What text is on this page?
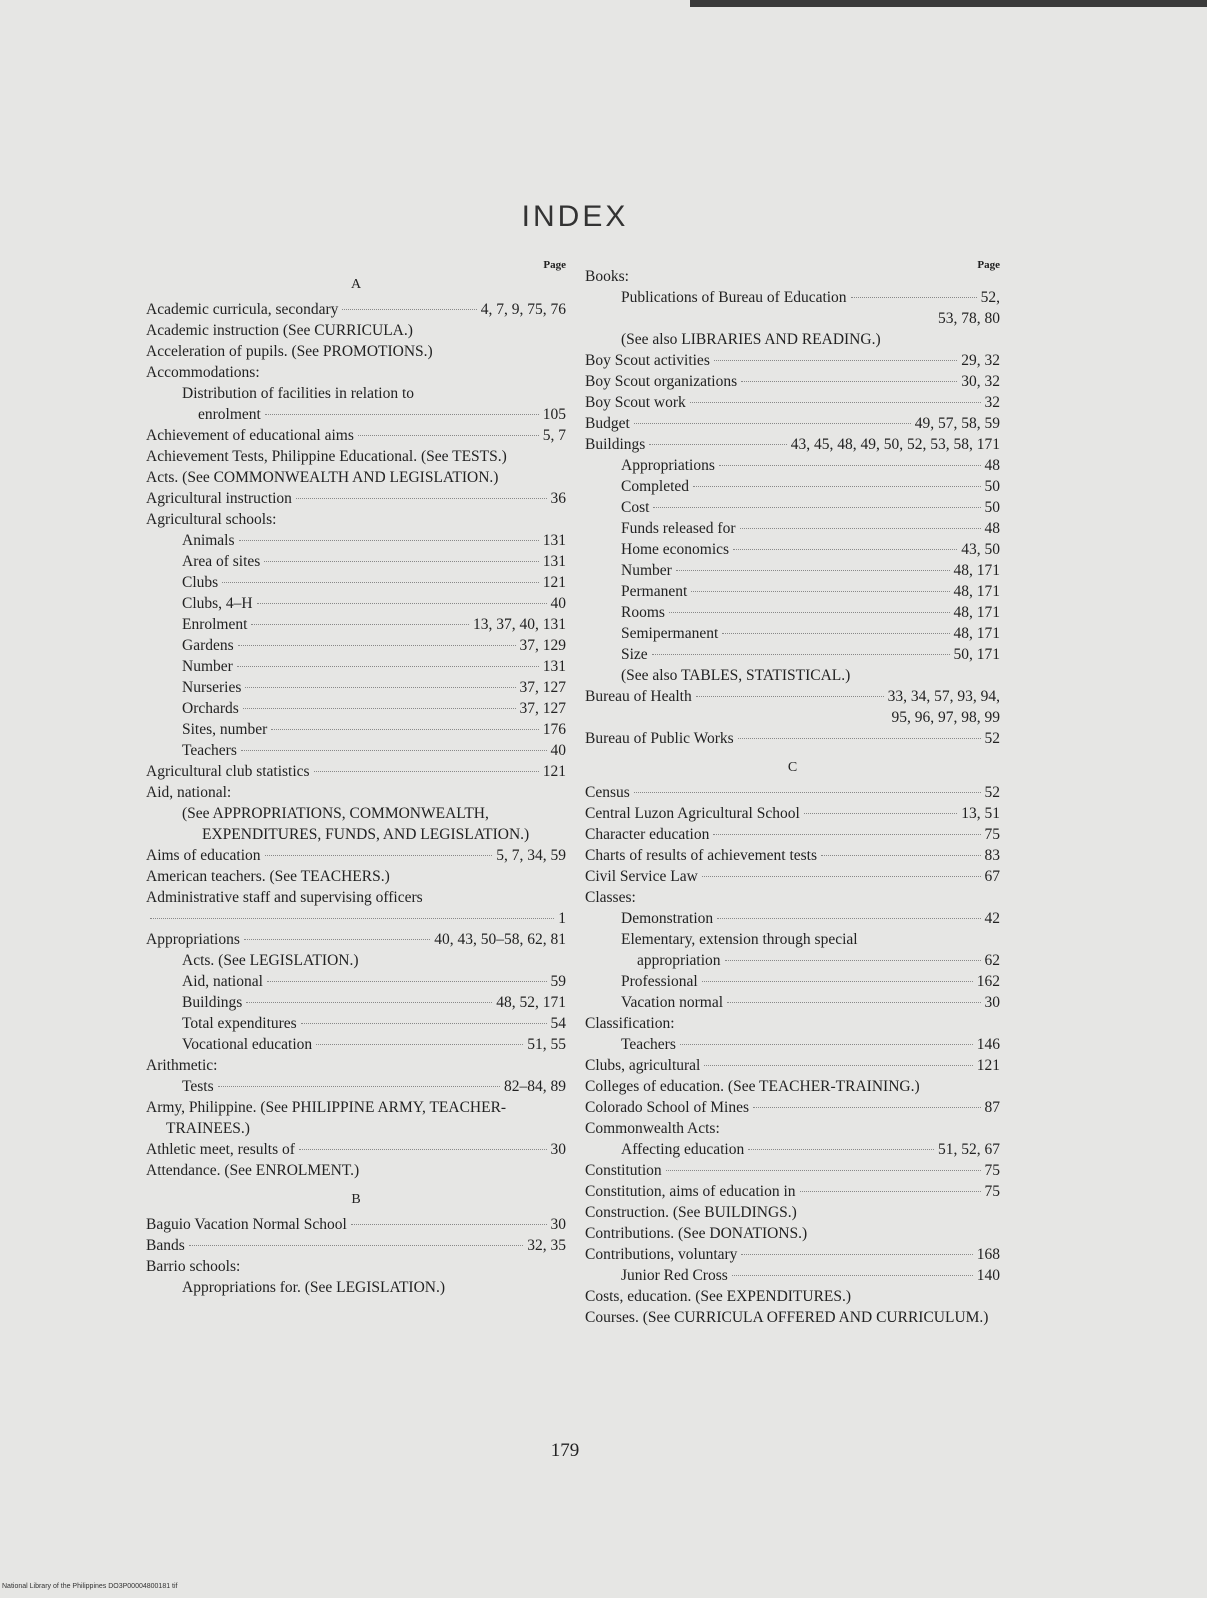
INDEX
Page
A
Academic curricula, secondary	4, 7, 9, 75, 76
Academic instruction (See CURRICULA.)
Acceleration of pupils. (See PROMOTIONS.)
Accommodations:
Distribution of facilities in relation to
enrolment	105
Achievement of educational aims	5, 7
Achievement Tests, Philippine Educational. (See TESTS.)
Acts. (See COMMONWEALTH AND LEGISLATION.)
Agricultural instruction	36
Agricultural schools:
Animals	131
Area of sites	131
Clubs	121
Clubs, 4–H	40
Enrolment	13, 37, 40, 131
Gardens	37, 129
Number	131
Nurseries	37, 127
Orchards	37, 127
Sites, number	176
Teachers	40
Agricultural club statistics	121
Aid, national:
(See APPROPRIATIONS, COMMONWEALTH, EXPENDITURES, FUNDS, AND LEGISLATION.)
Aims of education	5, 7, 34, 59
American teachers. (See TEACHERS.)
Administrative staff and supervising officers
1
Appropriations	40, 43, 50–58, 62, 81
Acts. (See LEGISLATION.)
Aid, national	59
Buildings	48, 52, 171
Total expenditures	54
Vocational education	51, 55
Arithmetic:
Tests	82–84, 89
Army, Philippine. (See PHILIPPINE ARMY, TEACHER-TRAINEES.)
Athletic meet, results of	30
Attendance. (See ENROLMENT.)
B
Baguio Vacation Normal School	30
Bands	32, 35
Barrio schools:
Appropriations for. (See LEGISLATION.)
Page
Books:
Publications of Bureau of Education	52,
53, 78, 80
(See also LIBRARIES AND READING.)
Boy Scout activities	29, 32
Boy Scout organizations	30, 32
Boy Scout work	32
Budget	49, 57, 58, 59
Buildings	43, 45, 48, 49, 50, 52, 53, 58, 171
Appropriations	48
Completed	50
Cost	50
Funds released for	48
Home economics	43, 50
Number	48, 171
Permanent	48, 171
Rooms	48, 171
Semipermanent	48, 171
Size	50, 171
(See also TABLES, STATISTICAL.)
Bureau of Health	33, 34, 57, 93, 94,
95, 96, 97, 98, 99
Bureau of Public Works	52
C
Census	52
Central Luzon Agricultural School	13, 51
Character education	75
Charts of results of achievement tests	83
Civil Service Law	67
Classes:
Demonstration	42
Elementary, extension through special
appropriation	62
Professional	162
Vacation normal	30
Classification:
Teachers	146
Clubs, agricultural	121
Colleges of education. (See TEACHER-TRAINING.)
Colorado School of Mines	87
Commonwealth Acts:
Affecting education	51, 52, 67
Constitution	75
Constitution, aims of education in	75
Construction. (See BUILDINGS.)
Contributions. (See DONATIONS.)
Contributions, voluntary	168
Junior Red Cross	140
Costs, education. (See EXPENDITURES.)
Courses. (See CURRICULA OFFERED AND CURRICULUM.)
179
National Library of the Philippines DO3P00004800181 tif
